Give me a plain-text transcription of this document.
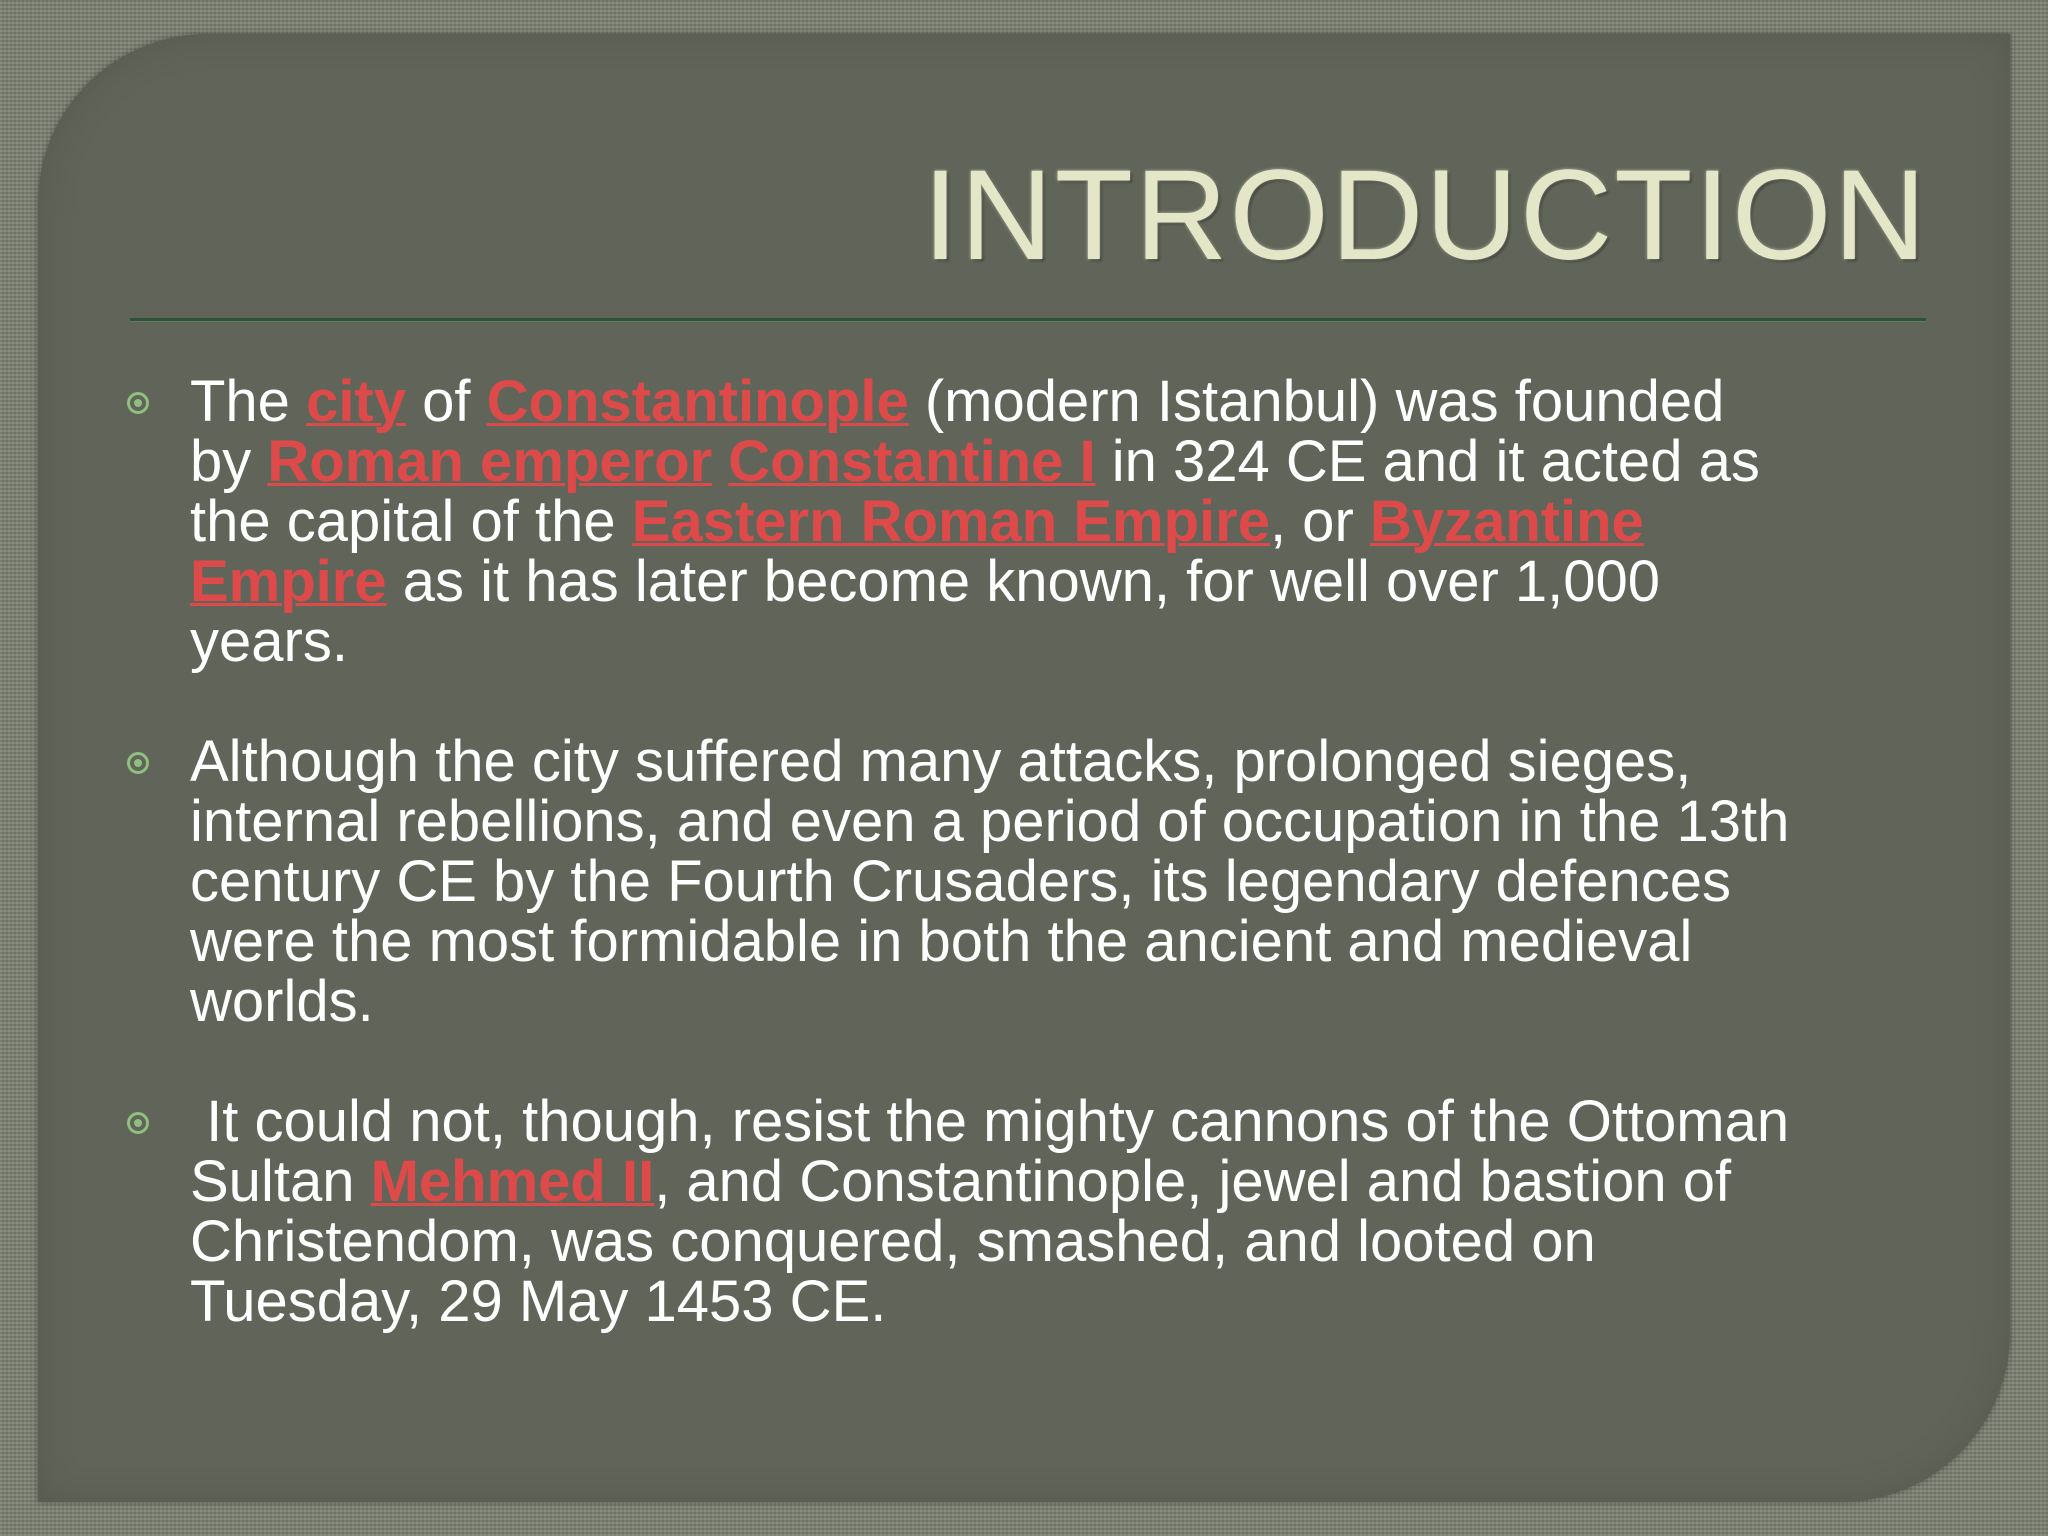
INTRODUCTION
The city of Constantinople (modern Istanbul) was founded
by Roman emperor Constantine I in 324 CE and it acted as
the capital of the Eastern Roman Empire, or Byzantine
Empire as it has later become known, for well over 1,000
years.
Although the city suffered many attacks, prolonged sieges,
internal rebellions, and even a period of occupation in the 13th
century CE by the Fourth Crusaders, its legendary defences
were the most formidable in both the ancient and medieval
worlds.
It could not, though, resist the mighty cannons of the Ottoman
Sultan Mehmed II, and Constantinople, jewel and bastion of
Christendom, was conquered, smashed, and looted on
Tuesday, 29 May 1453 CE.
